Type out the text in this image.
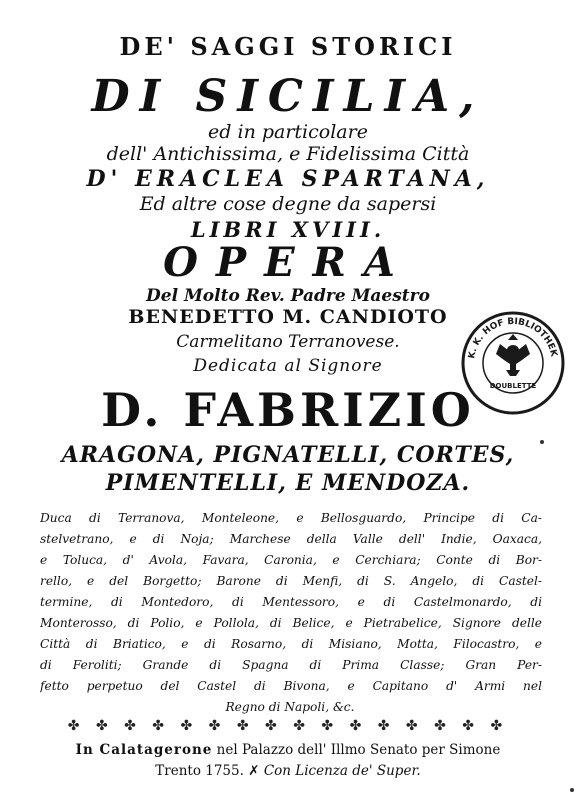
DE' SAGGI STORICI
DI SICILIA,
ed in particolare
dell' Antichissima, e Fidelissima Città
D' ERACLEA SPARTANA,
Ed altre cose degne da sapersi
LIBRI XVIII.
OPERA
Del Molto Rev. Padre Maestro
BENEDETTO M. CANDIOTO
Carmelitano Terranovese.
Dedicata al Signore
D. FABRIZIO
ARAGONA, PIGNATELLI, CORTES,
PIMENTELLI, E MENDOZA.
Duca di Terranova, Monteleone, e Bellosguardo, Principe di Ca-
stelvetrano, e di Noja; Marchese della Valle dell' Indie, Oaxaca,
e Toluca, d' Avola, Favara, Caronia, e Cerchiara; Conte di Bor-
rello, e del Borgetto; Barone di Menfi, di S. Angelo, di Castel-
termine, di Montedoro, di Mentessoro, e di Castelmonardo, di
Monterosso, di Polio, e Pollola, di Belice, e Pietrabelice, Signore delle
Città di Briatico, e di Rosarno, di Misiano, Motta, Filocastro, e
di Feroliti; Grande di Spagna di Prima Classe; Gran Per-
fetto perpetuo del Castel di Bivona, e Capitano d' Armi nel
Regno di Napoli, &c.
✤ ✤ ✤ ✤ ✤ ✤ ✤ ✤ ✤ ✤ ✤ ✤ ✤ ✤ ✤ ✤
In Calatagerone nel Palazzo dell' Illmo Senato per Simone
Trento 1755. ✗ Con Licenza de' Super.
K. K. HOF BIBLIOTHEK
DOUBLETTE
